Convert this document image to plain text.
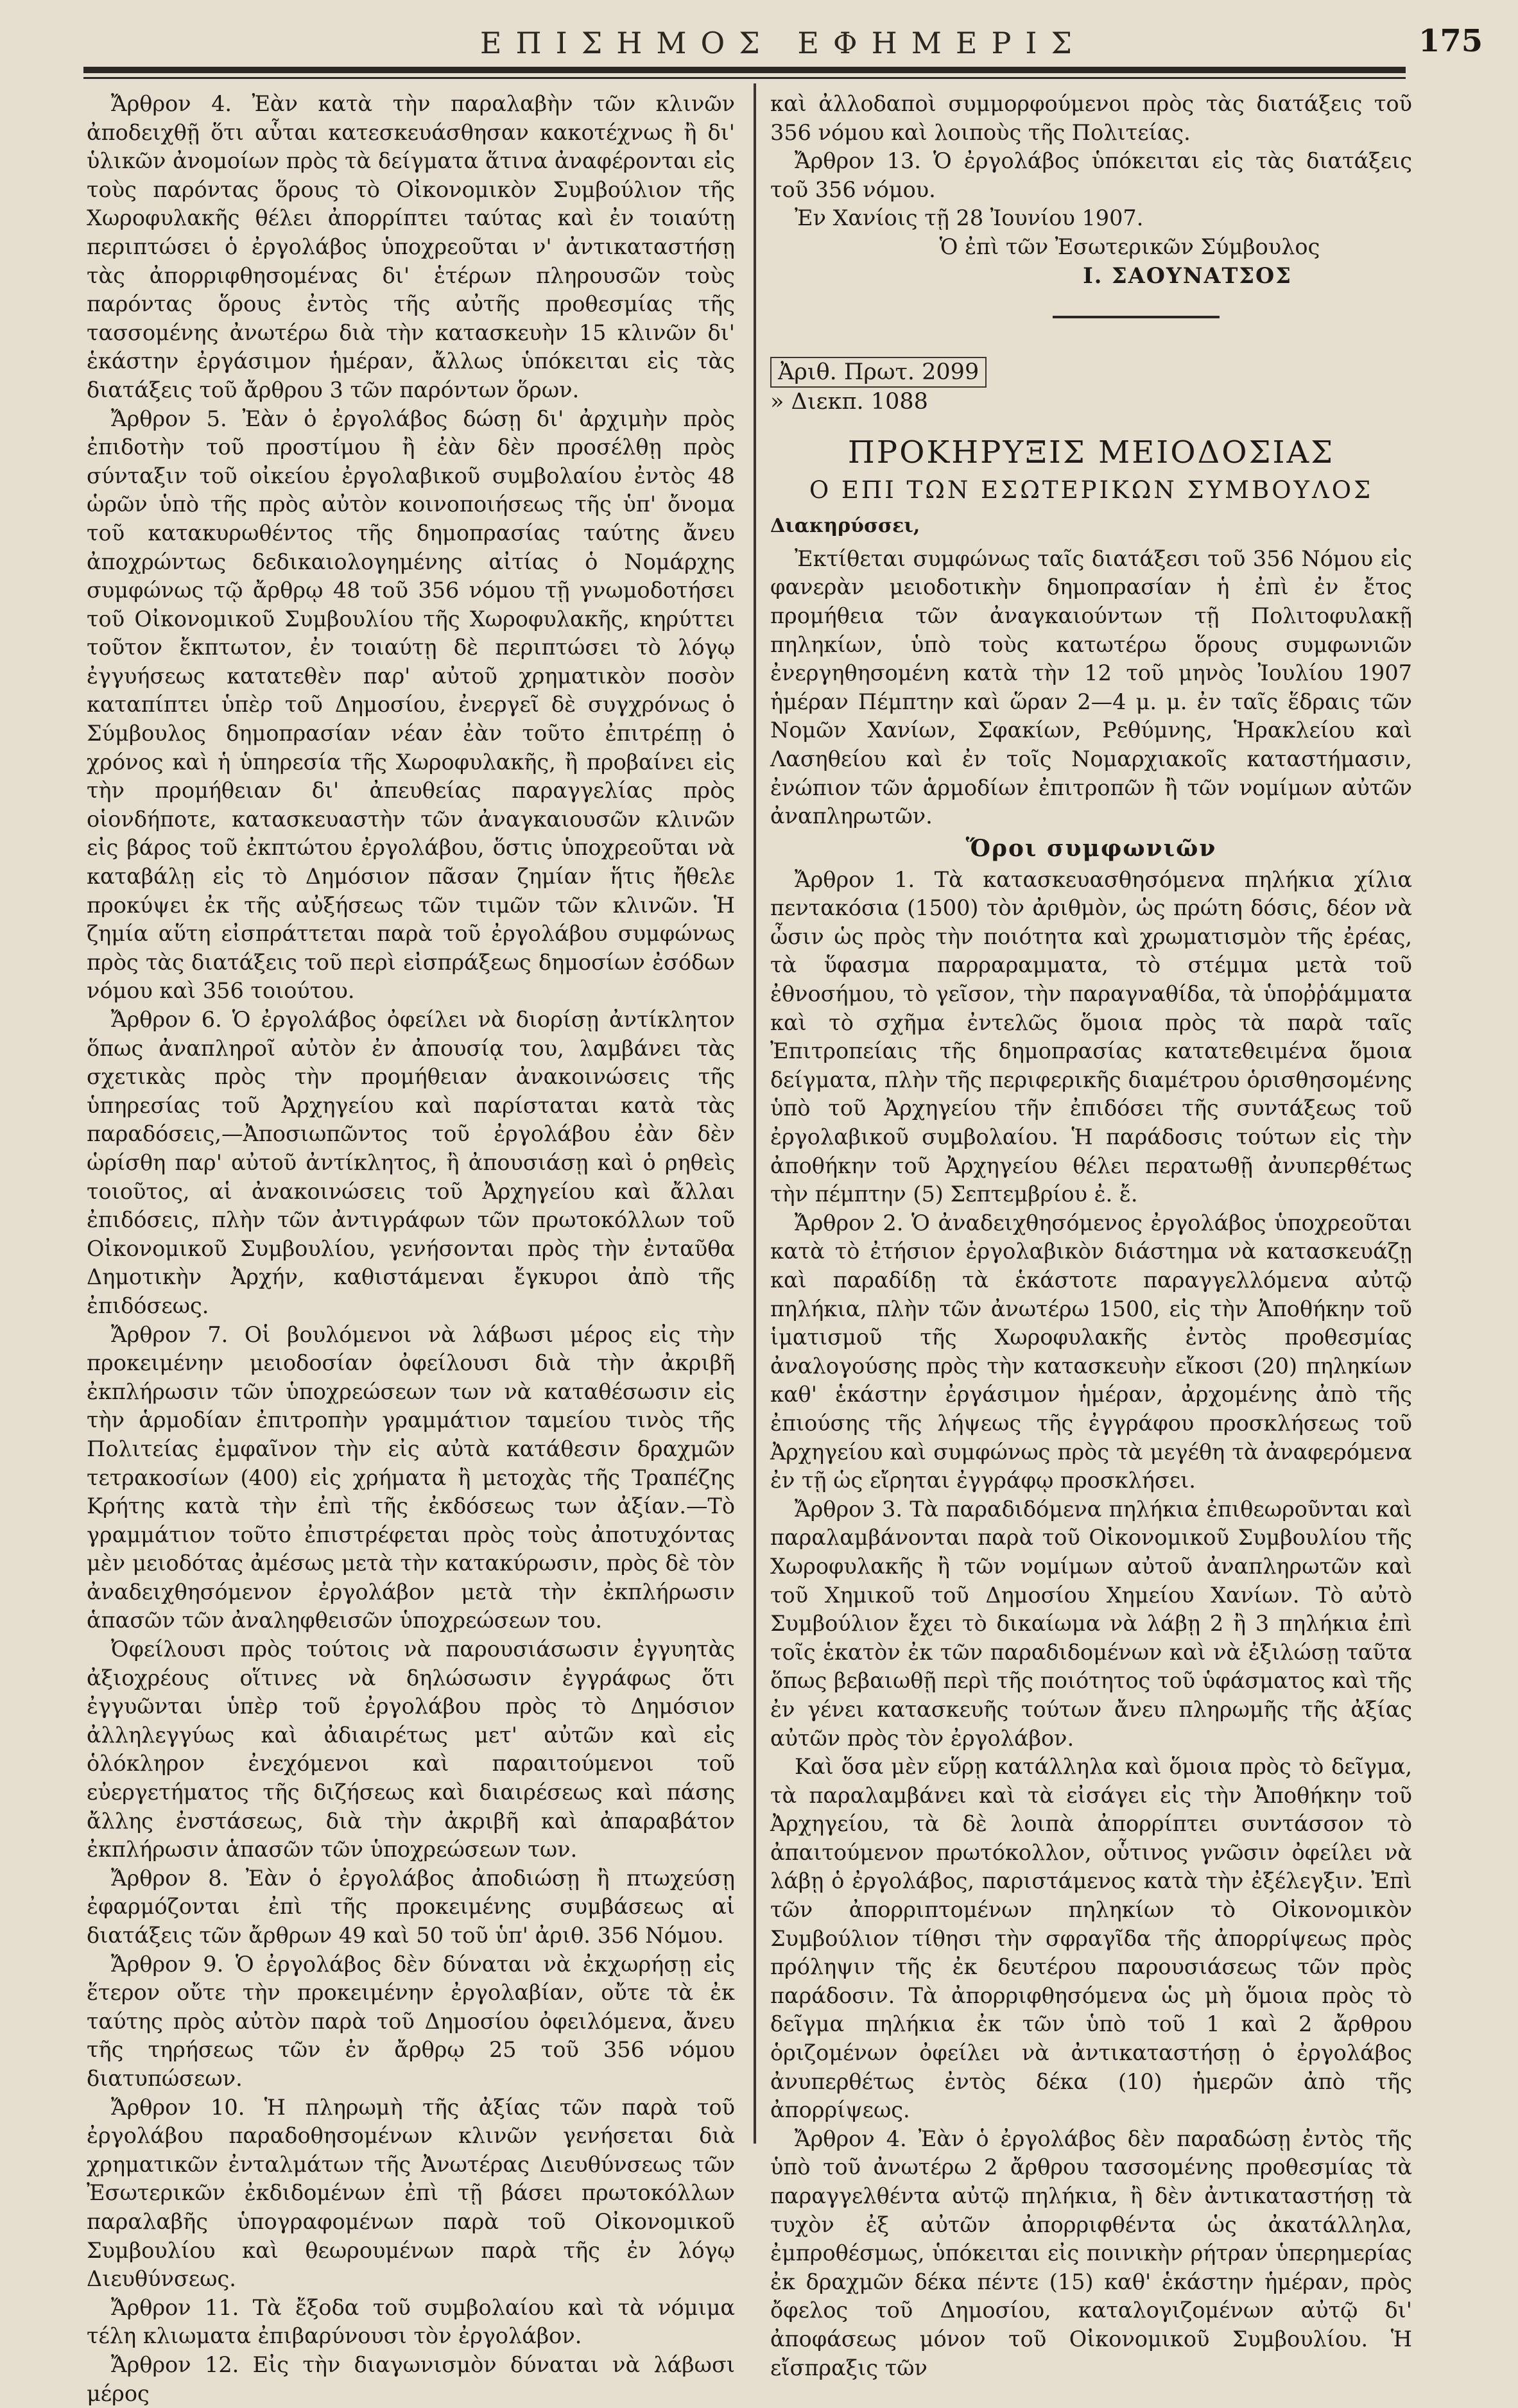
ΕΠΙΣΗΜΟΣ ΕΦΗΜΕΡΙΣ	175

Ἄρθρον 4. Ἐὰν κατὰ τὴν παραλαβὴν τῶν κλινῶν ἀποδειχθῇ ὅτι αὗται κατεσκευάσθησαν κακοτέχνως ἢ δι' ὑλικῶν ἀνομοίων πρὸς τὰ δείγματα ἅτινα ἀναφέρονται εἰς τοὺς παρόντας ὅρους τὸ Οἰκονομικὸν Συμβούλιον τῆς Χωροφυλακῆς θέλει ἀπορρίπτει ταύτας καὶ ἐν τοιαύτῃ περιπτώσει ὁ ἐργολάβος ὑποχρεοῦται ν' ἀντικαταστήσῃ τὰς ἀπορριφθησομένας δι' ἑτέρων πληρουσῶν τοὺς παρόντας ὅρους ἐντὸς τῆς αὐτῆς προθεσμίας τῆς τασσομένης ἀνωτέρω διὰ τὴν κατασκευὴν 15 κλινῶν δι' ἑκάστην ἐργάσιμον ἡμέραν, ἄλλως ὑπόκειται εἰς τὰς διατάξεις τοῦ ἄρθρου 3 τῶν παρόντων ὅρων.

Ἄρθρον 5. Ἐὰν ὁ ἐργολάβος δώσῃ δι' ἀρχιμὴν πρὸς ἐπιδοτὴν τοῦ προστίμου ἢ ἐὰν δὲν προσέλθῃ πρὸς σύνταξιν τοῦ οἰκείου ἐργολαβικοῦ συμβολαίου ἐντὸς 48 ὡρῶν ὑπὸ τῆς πρὸς αὐτὸν κοινοποιήσεως τῆς ὑπ' ὄνομα τοῦ κατακυρωθέντος τῆς δημοπρασίας ταύτης ἄνευ ἀποχρώντως δεδικαιολογημένης αἰτίας ὁ Νομάρχης συμφώνως τῷ ἄρθρῳ 48 τοῦ 356 νόμου τῇ γνωμοδοτήσει τοῦ Οἰκονομικοῦ Συμβουλίου τῆς Χωροφυλακῆς, κηρύττει τοῦτον ἔκπτωτον, ἐν τοιαύτῃ δὲ περιπτώσει τὸ λόγῳ ἐγγυήσεως κατατεθὲν παρ' αὐτοῦ χρηματικὸν ποσὸν καταπίπτει ὑπὲρ τοῦ Δημοσίου, ἐνεργεῖ δὲ συγχρόνως ὁ Σύμβουλος δημοπρασίαν νέαν ἐὰν τοῦτο ἐπιτρέπῃ ὁ χρόνος καὶ ἡ ὑπηρεσία τῆς Χωροφυλακῆς, ἢ προβαίνει εἰς τὴν προμήθειαν δι' ἀπευθείας παραγγελίας πρὸς οἱονδήποτε, κατασκευαστὴν τῶν ἀναγκαιουσῶν κλινῶν εἰς βάρος τοῦ ἐκπτώτου ἐργολάβου, ὅστις ὑποχρεοῦται νὰ καταβάλῃ εἰς τὸ Δημόσιον πᾶσαν ζημίαν ἥτις ἤθελε προκύψει ἐκ τῆς αὐξήσεως τῶν τιμῶν τῶν κλινῶν. Ἡ ζημία αὕτη εἰσπράττεται παρὰ τοῦ ἐργολάβου συμφώνως πρὸς τὰς διατάξεις τοῦ περὶ εἰσπράξεως δημοσίων ἐσόδων νόμου καὶ 356 τοιούτου.

Ἄρθρον 6. Ὁ ἐργολάβος ὀφείλει νὰ διορίσῃ ἀντίκλητον ὅπως ἀναπληροῖ αὐτὸν ἐν ἀπουσίᾳ του, λαμβάνει τὰς σχετικὰς πρὸς τὴν προμήθειαν ἀνακοινώσεις τῆς ὑπηρεσίας τοῦ Ἀρχηγείου καὶ παρίσταται κατὰ τὰς παραδόσεις,—Ἀποσιωπῶντος τοῦ ἐργολάβου ἐὰν δὲν ὡρίσθη παρ' αὐτοῦ ἀντίκλητος, ἢ ἀπουσιάσῃ καὶ ὁ ρηθεὶς τοιοῦτος, αἱ ἀνακοινώσεις τοῦ Ἀρχηγείου καὶ ἄλλαι ἐπιδόσεις, πλὴν τῶν ἀντιγράφων τῶν πρωτοκόλλων τοῦ Οἰκονομικοῦ Συμβουλίου, γενήσονται πρὸς τὴν ἐνταῦθα Δημοτικὴν Ἀρχήν, καθιστάμεναι ἔγκυροι ἀπὸ τῆς ἐπιδόσεως.

Ἄρθρον 7. Οἱ βουλόμενοι νὰ λάβωσι μέρος εἰς τὴν προκειμένην μειοδοσίαν ὀφείλουσι διὰ τὴν ἀκριβῆ ἐκπλήρωσιν τῶν ὑποχρεώσεων των νὰ καταθέσωσιν εἰς τὴν ἁρμοδίαν ἐπιτροπὴν γραμμάτιον ταμείου τινὸς τῆς Πολιτείας ἐμφαῖνον τὴν εἰς αὐτὰ κατάθεσιν δραχμῶν τετρακοσίων (400) εἰς χρήματα ἢ μετοχὰς τῆς Τραπέζης Κρήτης κατὰ τὴν ἐπὶ τῆς ἐκδόσεως των ἀξίαν.—Τὸ γραμμάτιον τοῦτο ἐπιστρέφεται πρὸς τοὺς ἀποτυχόντας μὲν μειοδότας ἀμέσως μετὰ τὴν κατακύρωσιν, πρὸς δὲ τὸν ἀναδειχθησόμενον ἐργολάβον μετὰ τὴν ἐκπλήρωσιν ἁπασῶν τῶν ἀναληφθεισῶν ὑποχρεώσεων του.

Ὀφείλουσι πρὸς τούτοις νὰ παρουσιάσωσιν ἐγγυητὰς ἀξιοχρέους οἵτινες νὰ δηλώσωσιν ἐγγράφως ὅτι ἐγγυῶνται ὑπὲρ τοῦ ἐργολάβου πρὸς τὸ Δημόσιον ἀλληλεγγύως καὶ ἀδιαιρέτως μετ' αὐτῶν καὶ εἰς ὁλόκληρον ἐνεχόμενοι καὶ παραιτούμενοι τοῦ εὐεργετήματος τῆς διζήσεως καὶ διαιρέσεως καὶ πάσης ἄλλης ἐνστάσεως, διὰ τὴν ἀκριβῆ καὶ ἀπαραβάτον ἐκπλήρωσιν ἁπασῶν τῶν ὑποχρεώσεων των.

Ἄρθρον 8. Ἐὰν ὁ ἐργολάβος ἀποδιώσῃ ἢ πτωχεύσῃ ἐφαρμόζονται ἐπὶ τῆς προκειμένης συμβάσεως αἱ διατάξεις τῶν ἄρθρων 49 καὶ 50 τοῦ ὑπ' ἀριθ. 356 Νόμου.

Ἄρθρον 9. Ὁ ἐργολάβος δὲν δύναται νὰ ἐκχωρήσῃ εἰς ἕτερον οὔτε τὴν προκειμένην ἐργολαβίαν, οὔτε τὰ ἐκ ταύτης πρὸς αὐτὸν παρὰ τοῦ Δημοσίου ὀφειλόμενα, ἄνευ τῆς τηρήσεως τῶν ἐν ἄρθρῳ 25 τοῦ 356 νόμου διατυπώσεων.

Ἄρθρον 10. Ἡ πληρωμὴ τῆς ἀξίας τῶν παρὰ τοῦ ἐργολάβου παραδοθησομένων κλινῶν γενήσεται διὰ χρηματικῶν ἐνταλμάτων τῆς Ἀνωτέρας Διευθύνσεως τῶν Ἐσωτερικῶν ἐκδιδομένων ἐπὶ τῇ βάσει πρωτοκόλλων παραλαβῆς ὑπογραφομένων παρὰ τοῦ Οἰκονομικοῦ Συμβουλίου καὶ θεωρουμένων παρὰ τῆς ἐν λόγῳ Διευθύνσεως.

Ἄρθρον 11. Τὰ ἔξοδα τοῦ συμβολαίου καὶ τὰ νόμιμα τέλη κλιωματα ἐπιβαρύνουσι τὸν ἐργολάβον.

Ἄρθρον 12. Εἰς τὴν διαγωνισμὸν δύναται νὰ λάβωσι μέρος

καὶ ἀλλοδαποὶ συμμορφούμενοι πρὸς τὰς διατάξεις τοῦ 356 νόμου καὶ λοιποὺς τῆς Πολιτείας.

Ἄρθρον 13. Ὁ ἐργολάβος ὑπόκειται εἰς τὰς διατάξεις τοῦ 356 νόμου.

Ἐν Χανίοις τῇ 28 Ἰουνίου 1907.

Ὁ ἐπὶ τῶν Ἐσωτερικῶν Σύμβουλος
Ι. ΣΑΟΥΝΑΤΣΟΣ
Ἀριθ. Πρωτ. 2099
» Διεκπ. 1088
ΠΡΟΚΗΡΥΞΙΣ ΜΕΙΟΔΟΣΙΑΣ
Ο ΕΠΙ ΤΩΝ ΕΣΩΤΕΡΙΚΩΝ ΣΥΜΒΟΥΛΟΣ
Διακηρύσσει,

Ἐκτίθεται συμφώνως ταῖς διατάξεσι τοῦ 356 Νόμου εἰς φανερὰν μειοδοτικὴν δημοπρασίαν ἡ ἐπὶ ἐν ἔτος προμήθεια τῶν ἀναγκαιούντων τῇ Πολιτοφυλακῇ πηληκίων, ὑπὸ τοὺς κατωτέρω ὅρους συμφωνιῶν ἐνεργηθησομένη κατὰ τὴν 12 τοῦ μηνὸς Ἰουλίου 1907 ἡμέραν Πέμπτην καὶ ὥραν 2—4 μ. μ. ἐν ταῖς ἕδραις τῶν Νομῶν Χανίων, Σφακίων, Ρεθύμνης, Ἡρακλείου καὶ Λασηθείου καὶ ἐν τοῖς Νομαρχιακοῖς καταστήμασιν, ἐνώπιον τῶν ἁρμοδίων ἐπιτροπῶν ἢ τῶν νομίμων αὐτῶν ἀναπληρωτῶν.

Ὅροι συμφωνιῶν

Ἄρθρον 1. Τὰ κατασκευασθησόμενα πηλήκια χίλια πεντακόσια (1500) τὸν ἀριθμὸν, ὡς πρώτη δόσις, δέον νὰ ὦσιν ὡς πρὸς τὴν ποιότητα καὶ χρωματισμὸν τῆς ἐρέας, τὰ ὕφασμα παρραραμματα, τὸ στέμμα μετὰ τοῦ ἐθνοσήμου, τὸ γεῖσον, τὴν παραγναθίδα, τὰ ὑποῤῥάμματα καὶ τὸ σχῆμα ἐντελῶς ὅμοια πρὸς τὰ παρὰ ταῖς Ἐπιτροπείαις τῆς δημοπρασίας κατατεθειμένα ὅμοια δείγματα, πλὴν τῆς περιφερικῆς διαμέτρου ὁρισθησομένης ὑπὸ τοῦ Ἀρχηγείου τῆν ἐπιδόσει τῆς συντάξεως τοῦ ἐργολαβικοῦ συμβολαίου. Ἡ παράδοσις τούτων εἰς τὴν ἀποθήκην τοῦ Ἀρχηγείου θέλει περατωθῇ ἀνυπερθέτως τὴν πέμπτην (5) Σεπτεμβρίου ἐ. ἔ.

Ἄρθρον 2. Ὁ ἀναδειχθησόμενος ἐργολάβος ὑποχρεοῦται κατὰ τὸ ἐτήσιον ἐργολαβικὸν διάστημα νὰ κατασκευάζῃ καὶ παραδίδῃ τὰ ἑκάστοτε παραγγελλόμενα αὐτῷ πηλήκια, πλὴν τῶν ἀνωτέρω 1500, εἰς τὴν Ἀποθήκην τοῦ ἱματισμοῦ τῆς Χωροφυλακῆς ἐντὸς προθεσμίας ἀναλογούσης πρὸς τὴν κατασκευὴν εἴκοσι (20) πηληκίων καθ' ἑκάστην ἐργάσιμον ἡμέραν, ἀρχομένης ἀπὸ τῆς ἐπιούσης τῆς λήψεως τῆς ἐγγράφου προσκλήσεως τοῦ Ἀρχηγείου καὶ συμφώνως πρὸς τὰ μεγέθη τὰ ἀναφερόμενα ἐν τῇ ὡς εἴρηται ἐγγράφῳ προσκλήσει.

Ἄρθρον 3. Τὰ παραδιδόμενα πηλήκια ἐπιθεωροῦνται καὶ παραλαμβάνονται παρὰ τοῦ Οἰκονομικοῦ Συμβουλίου τῆς Χωροφυλακῆς ἢ τῶν νομίμων αὐτοῦ ἀναπληρωτῶν καὶ τοῦ Χημικοῦ τοῦ Δημοσίου Χημείου Χανίων. Τὸ αὐτὸ Συμβούλιον ἔχει τὸ δικαίωμα νὰ λάβῃ 2 ἢ 3 πηλήκια ἐπὶ τοῖς ἑκατὸν ἐκ τῶν παραδιδομένων καὶ νὰ ἐξιλώσῃ ταῦτα ὅπως βεβαιωθῇ περὶ τῆς ποιότητος τοῦ ὑφάσματος καὶ τῆς ἐν γένει κατασκευῆς τούτων ἄνευ πληρωμῆς τῆς ἀξίας αὐτῶν πρὸς τὸν ἐργολάβον.

Καὶ ὅσα μὲν εὕρῃ κατάλληλα καὶ ὅμοια πρὸς τὸ δεῖγμα, τὰ παραλαμβάνει καὶ τὰ εἰσάγει εἰς τὴν Ἀποθήκην τοῦ Ἀρχηγείου, τὰ δὲ λοιπὰ ἀπορρίπτει συντάσσον τὸ ἀπαιτούμενον πρωτόκολλον, οὗτινος γνῶσιν ὀφείλει νὰ λάβῃ ὁ ἐργολάβος, παριστάμενος κατὰ τὴν ἐξέλεγξιν. Ἐπὶ τῶν ἀπορριπτομένων πηληκίων τὸ Οἰκονομικὸν Συμβούλιον τίθησι τὴν σφραγῖδα τῆς ἀπορρίψεως πρὸς πρόληψιν τῆς ἐκ δευτέρου παρουσιάσεως τῶν πρὸς παράδοσιν. Τὰ ἀπορριφθησόμενα ὡς μὴ ὅμοια πρὸς τὸ δεῖγμα πηλήκια ἐκ τῶν ὑπὸ τοῦ 1 καὶ 2 ἄρθρου ὁριζομένων ὀφείλει νὰ ἀντικαταστήσῃ ὁ ἐργολάβος ἀνυπερθέτως ἐντὸς δέκα (10) ἡμερῶν ἀπὸ τῆς ἀπορρίψεως.

Ἄρθρον 4. Ἐὰν ὁ ἐργολάβος δὲν παραδώσῃ ἐντὸς τῆς ὑπὸ τοῦ ἀνωτέρω 2 ἄρθρου τασσομένης προθεσμίας τὰ παραγγελθέντα αὐτῷ πηλήκια, ἢ δὲν ἀντικαταστήσῃ τὰ τυχὸν ἐξ αὐτῶν ἀπορριφθέντα ὡς ἀκατάλληλα, ἐμπροθέσμως, ὑπόκειται εἰς ποινικὴν ρήτραν ὑπερημερίας ἐκ δραχμῶν δέκα πέντε (15) καθ' ἑκάστην ἡμέραν, πρὸς ὄφελος τοῦ Δημοσίου, καταλογιζομένων αὐτῷ δι' ἀποφάσεως μόνον τοῦ Οἰκονομικοῦ Συμβουλίου. Ἡ εἴσπραξις τῶν
